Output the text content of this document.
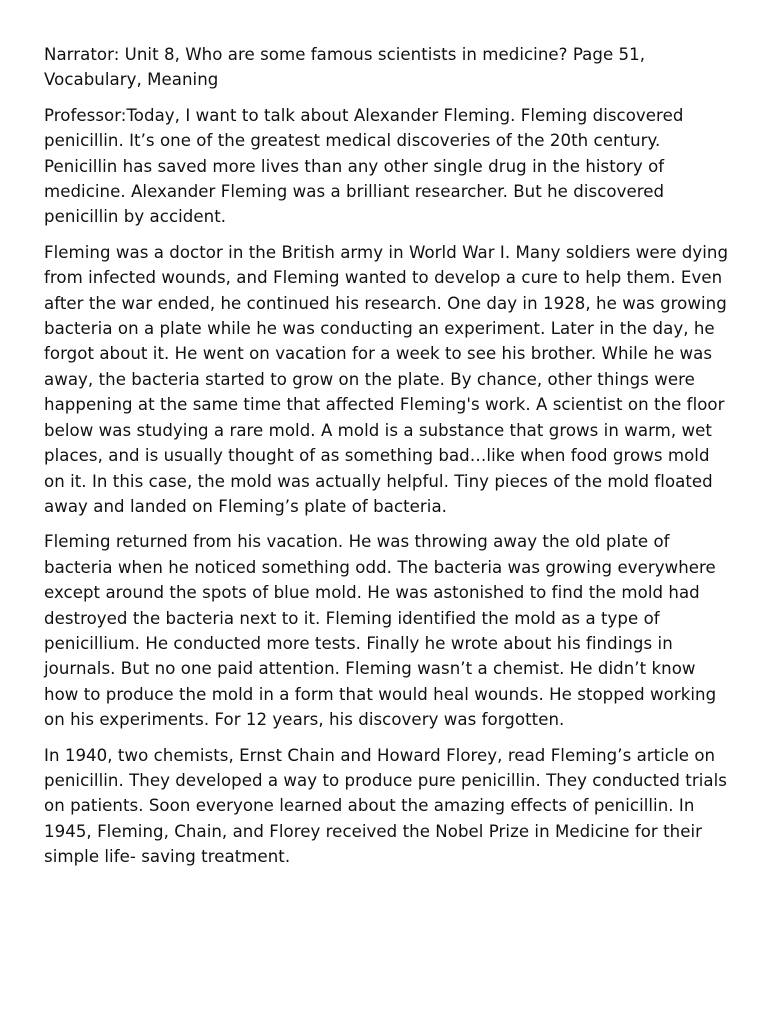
Narrator: Unit 8, Who are some famous scientists in medicine? Page 51, Vocabulary, Meaning

Professor:Today, I want to talk about Alexander Fleming. Fleming discovered penicillin. It’s one of the greatest medical discoveries of the 20th century. Penicillin has saved more lives than any other single drug in the history of medicine. Alexander Fleming was a brilliant researcher. But he discovered penicillin by accident.

Fleming was a doctor in the British army in World War I. Many soldiers were dying from infected wounds, and Fleming wanted to develop a cure to help them. Even after the war ended, he continued his research. One day in 1928, he was growing bacteria on a plate while he was conducting an experiment. Later in the day, he forgot about it. He went on vacation for a week to see his brother. While he was away, the bacteria started to grow on the plate. By chance, other things were happening at the same time that affected Fleming's work. A scientist on the floor below was studying a rare mold. A mold is a substance that grows in warm, wet places, and is usually thought of as something bad…like when food grows mold on it. In this case, the mold was actually helpful. Tiny pieces of the mold floated away and landed on Fleming’s plate of bacteria.

Fleming returned from his vacation. He was throwing away the old plate of bacteria when he noticed something odd. The bacteria was growing everywhere except around the spots of blue mold. He was astonished to find the mold had destroyed the bacteria next to it. Fleming identified the mold as a type of penicillium. He conducted more tests. Finally he wrote about his findings in journals. But no one paid attention. Fleming wasn’t a chemist. He didn’t know how to produce the mold in a form that would heal wounds. He stopped working on his experiments. For 12 years, his discovery was forgotten.

In 1940, two chemists, Ernst Chain and Howard Florey, read Fleming’s article on penicillin. They developed a way to produce pure penicillin. They conducted trials on patients. Soon everyone learned about the amazing effects of penicillin. In 1945, Fleming, Chain, and Florey received the Nobel Prize in Medicine for their simple life- saving treatment.
